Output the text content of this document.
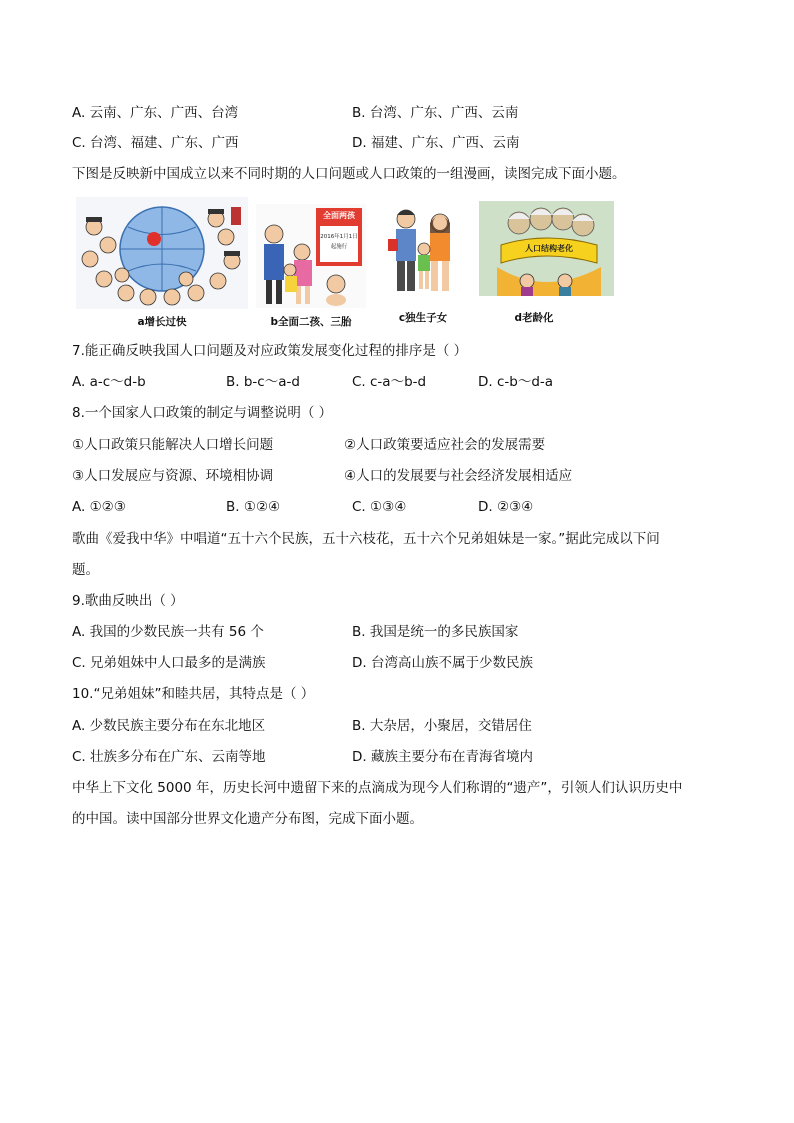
A. 云南、广东、广西、台湾	B. 台湾、广东、广西、云南
C. 台湾、福建、广东、广西	D. 福建、广东、广西、云南
下图是反映新中国成立以来不同时期的人口问题或人口政策的一组漫画，读图完成下面小题。
a增长过快
全面两孩
2016年1月1日
起施行
b全面二孩、三胎	c独生子女
人口结构老化
d老龄化
7.能正确反映我国人口问题及对应政策发展变化过程的排序是（ ）
A. a-c～d-b	B. b-c～a-d	C. c-a～b-d	D. c-b～d-a
8.一个国家人口政策的制定与调整说明（ ）
①人口政策只能解决人口增长问题	②人口政策要适应社会的发展需要
③人口发展应与资源、环境相协调	④人口的发展要与社会经济发展相适应
A. ①②③	B. ①②④	C. ①③④	D. ②③④
歌曲《爱我中华》中唱道“五十六个民族，五十六枝花，五十六个兄弟姐妹是一家。”据此完成以下问
题。
9.歌曲反映出（ ）
A. 我国的少数民族一共有 56 个	B. 我国是统一的多民族国家
C. 兄弟姐妹中人口最多的是满族	D. 台湾高山族不属于少数民族
10.“兄弟姐妹”和睦共居，其特点是（ ）
A. 少数民族主要分布在东北地区	B. 大杂居，小聚居，交错居住
C. 壮族多分布在广东、云南等地	D. 藏族主要分布在青海省境内
中华上下文化 5000 年，历史长河中遗留下来的点滴成为现今人们称谓的“遗产”，引领人们认识历史中
的中国。读中国部分世界文化遗产分布图，完成下面小题。
